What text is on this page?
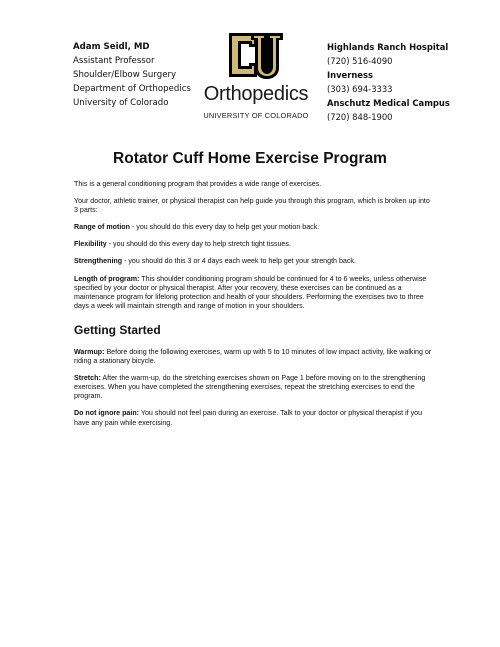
Adam Seidl, MD
Assistant Professor
Shoulder/Elbow Surgery
Department of Orthopedics
University of Colorado	Orthopedics
UNIVERSITY OF COLORADO
Highlands Ranch Hospital
(720) 516-4090
Inverness
(303) 694-3333
Anschutz Medical Campus
(720) 848-1900
Rotator Cuff Home Exercise Program

This is a general conditioning program that provides a wide range of exercises.

Your doctor, athletic trainer, or physical therapist can help guide you through this program, which is broken up into 3 parts:

Range of motion - you should do this every day to help get your motion back.

Flexibility - you should do this every day to help stretch tight tissues.

Strengthening - you should do this 3 or 4 days each week to help get your strength back.

Length of program: This shoulder conditioning program should be continued for 4 to 6 weeks, unless otherwise specified by your doctor or physical therapist. After your recovery, these exercises can be continued as a maintenance program for lifelong protection and health of your shoulders. Performing the exercises two to three days a week will maintain strength and range of motion in your shoulders.

Getting Started

Warmup: Before doing the following exercises, warm up with 5 to 10 minutes of low impact activity, like walking or riding a stationary bicycle.

Stretch: After the warm-up, do the stretching exercises shown on Page 1 before moving on to the strengthening exercises. When you have completed the strengthening exercises, repeat the stretching exercises to end the program.

Do not ignore pain: You should not feel pain during an exercise. Talk to your doctor or physical therapist if you have any pain while exercising.
